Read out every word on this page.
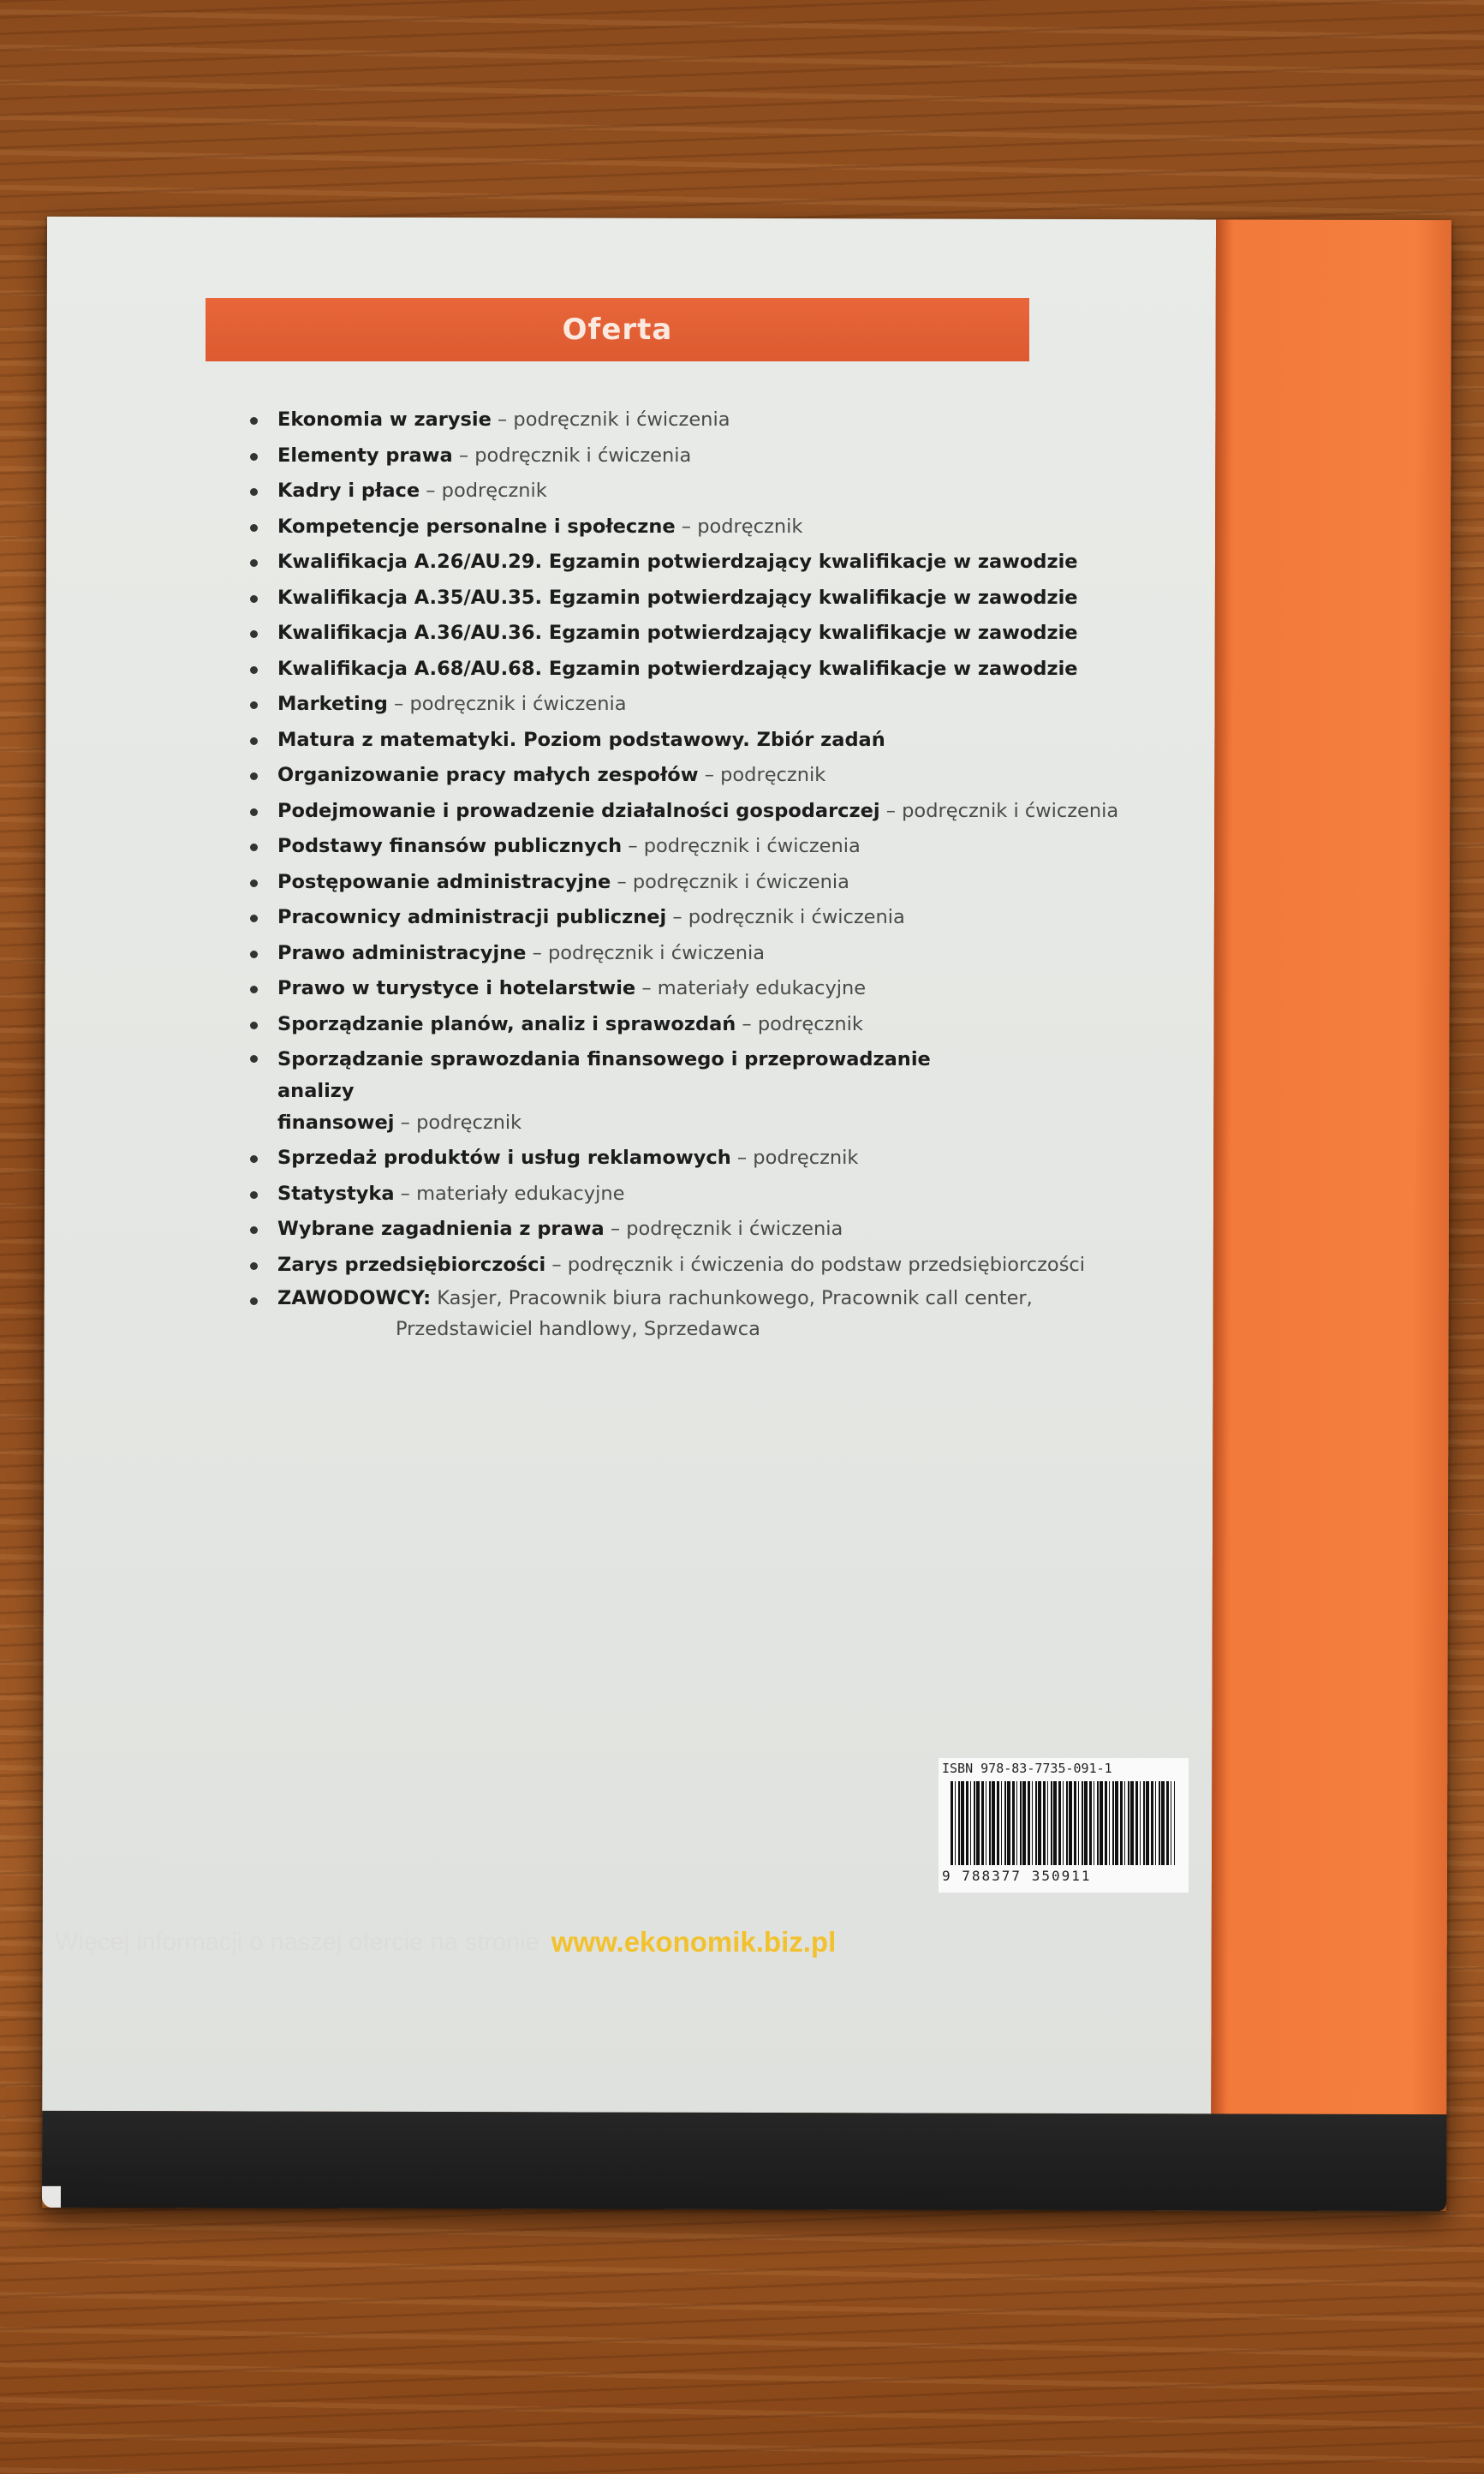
Oferta
Ekonomia w zarysie – podręcznik i ćwiczenia
Elementy prawa – podręcznik i ćwiczenia
Kadry i płace – podręcznik
Kompetencje personalne i społeczne – podręcznik
Kwalifikacja A.26/AU.29. Egzamin potwierdzający kwalifikacje w zawodzie
Kwalifikacja A.35/AU.35. Egzamin potwierdzający kwalifikacje w zawodzie
Kwalifikacja A.36/AU.36. Egzamin potwierdzający kwalifikacje w zawodzie
Kwalifikacja A.68/AU.68. Egzamin potwierdzający kwalifikacje w zawodzie
Marketing – podręcznik i ćwiczenia
Matura z matematyki. Poziom podstawowy. Zbiór zadań
Organizowanie pracy małych zespołów – podręcznik
Podejmowanie i prowadzenie działalności gospodarczej – podręcznik i ćwiczenia
Podstawy finansów publicznych – podręcznik i ćwiczenia
Postępowanie administracyjne – podręcznik i ćwiczenia
Pracownicy administracji publicznej – podręcznik i ćwiczenia
Prawo administracyjne – podręcznik i ćwiczenia
Prawo w turystyce i hotelarstwie – materiały edukacyjne
Sporządzanie planów, analiz i sprawozdań – podręcznik
Sporządzanie sprawozdania finansowego i przeprowadzanie analizy
finansowej – podręcznik
Sprzedaż produktów i usług reklamowych – podręcznik
Statystyka – materiały edukacyjne
Wybrane zagadnienia z prawa – podręcznik i ćwiczenia
Zarys przedsiębiorczości – podręcznik i ćwiczenia do podstaw przedsiębiorczości
ZAWODOWCY: Kasjer, Pracownik biura rachunkowego, Pracownik call center,
Przedstawiciel handlowy, Sprzedawca
ISBN 978-83-7735-091-1
9 788377 350911
Więcej informacji o naszej ofercie na stronie www.ekonomik.biz.pl
